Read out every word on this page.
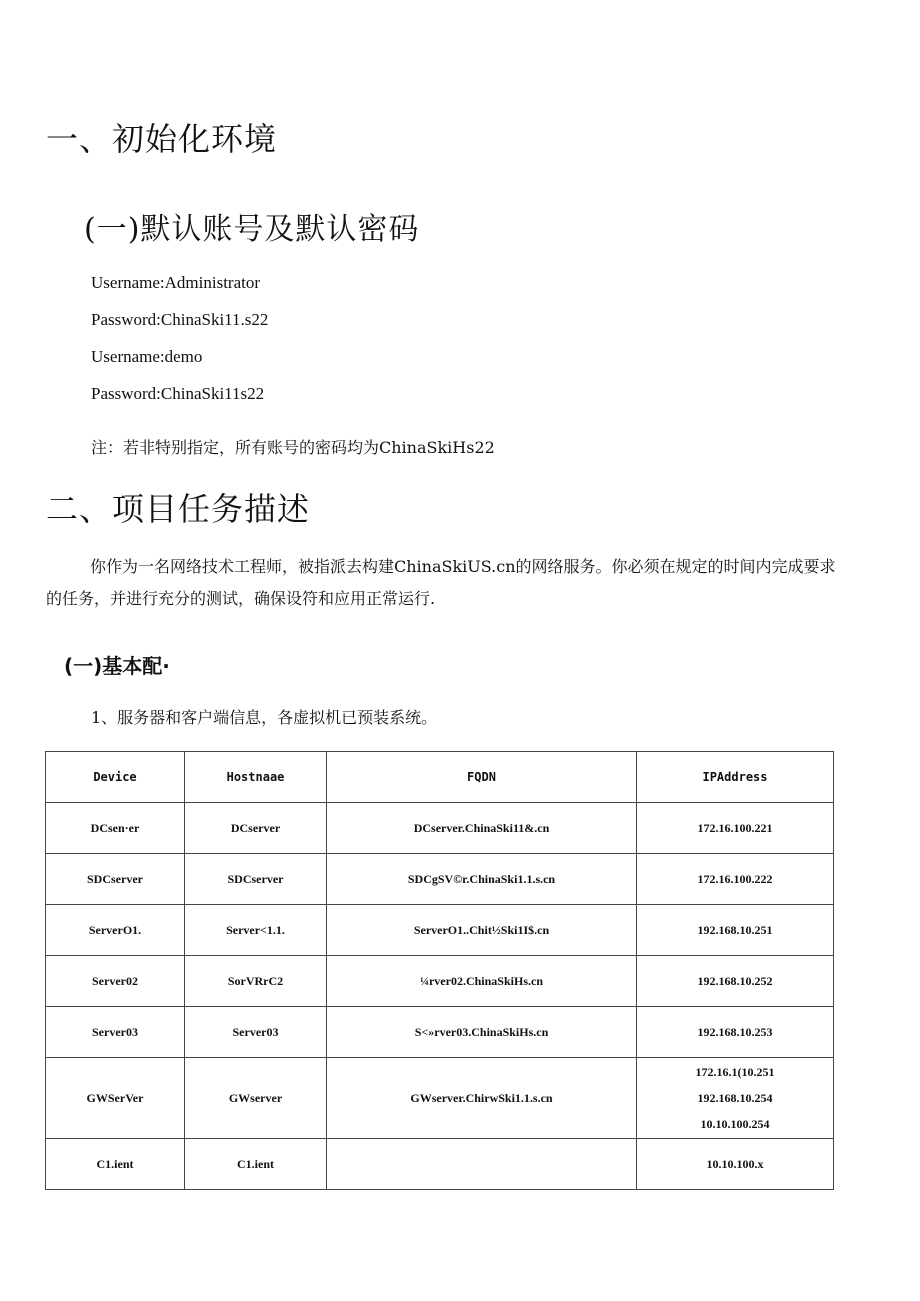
一、初始化环境
(一)默认账号及默认密码
Username:Administrator
Password:ChinaSki11.s22
Username:demo
Password:ChinaSki11s22
注：若非特别指定，所有账号的密码均为ChinaSkiHs22
二、项目任务描述
你作为一名网络技术工程师，被指派去构建ChinaSkiUS.cn的网络服务。你必须在规定的时间内完成要求的任务，并进行充分的测试，确保设符和应用正常运行.
(一)基本配·
1、服务器和客户端信息，各虚拟机已预装系统。
Device	Hostnaae	FQDN	IPAddress
DCsen·er	DCserver	DCserver.ChinaSki11&.cn	172.16.100.221
SDCserver	SDCserver	SDCgSV©r.ChinaSki1.1.s.cn	172.16.100.222
ServerO1.	Server<1.1.	ServerO1..Chit½Ski1I$.cn	192.168.10.251
Server02	SorVRrC2	¼rver02.ChinaSkiHs.cn	192.168.10.252
Server03	Server03	S<»rver03.ChinaSkiHs.cn	192.168.10.253
GWSerVer	GWserver	GWserver.ChirwSki1.1.s.cn	172.16.1(10.251
192.168.10.254
10.10.100.254

C1.ient	C1.ient		10.10.100.x
